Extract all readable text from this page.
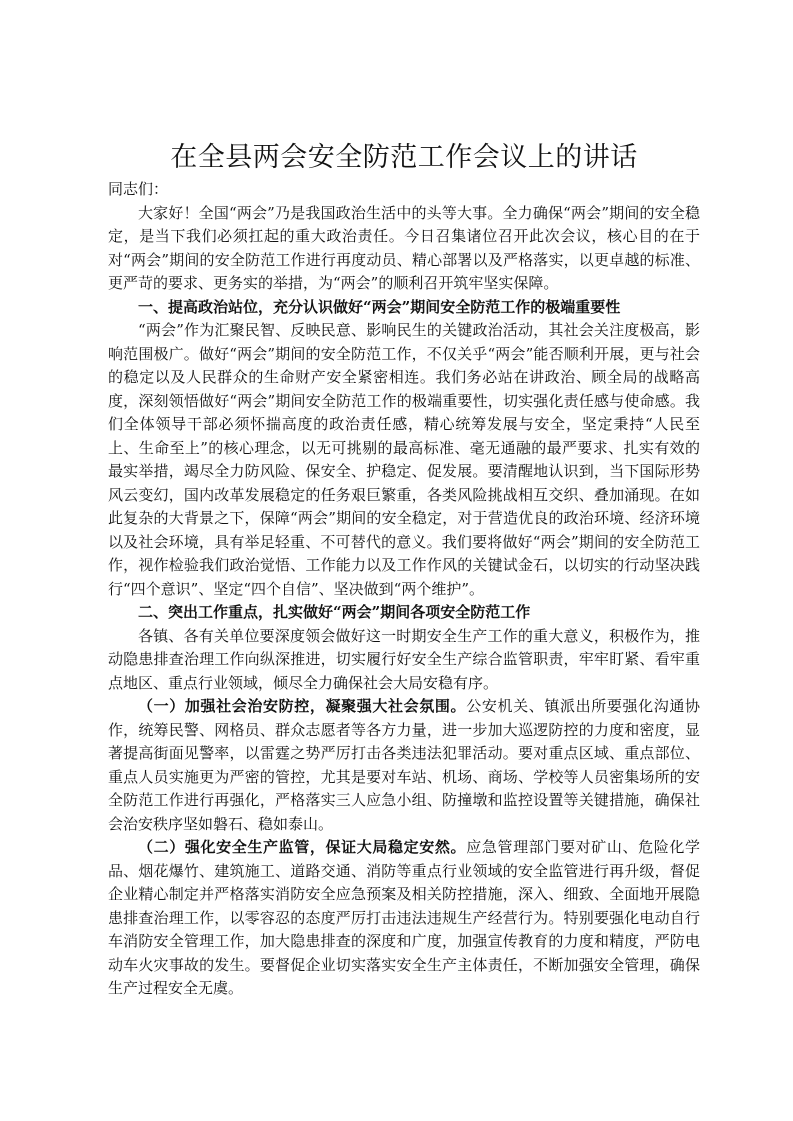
在全县两会安全防范工作会议上的讲话

同志们：

大家好！全国“两会”乃是我国政治生活中的头等大事。全力确保“两会”期间的安全稳定，是当下我们必须扛起的重大政治责任。今日召集诸位召开此次会议，核心目的在于对“两会”期间的安全防范工作进行再度动员、精心部署以及严格落实，以更卓越的标准、更严苛的要求、更务实的举措，为“两会”的顺利召开筑牢坚实保障。

一、提高政治站位，充分认识做好“两会”期间安全防范工作的极端重要性

“两会”作为汇聚民智、反映民意、影响民生的关键政治活动，其社会关注度极高，影响范围极广。做好“两会”期间的安全防范工作，不仅关乎“两会”能否顺利开展，更与社会的稳定以及人民群众的生命财产安全紧密相连。我们务必站在讲政治、顾全局的战略高度，深刻领悟做好“两会”期间安全防范工作的极端重要性，切实强化责任感与使命感。我们全体领导干部必须怀揣高度的政治责任感，精心统筹发展与安全，坚定秉持“人民至上、生命至上”的核心理念，以无可挑剔的最高标准、毫无通融的最严要求、扎实有效的最实举措，竭尽全力防风险、保安全、护稳定、促发展。要清醒地认识到，当下国际形势风云变幻，国内改革发展稳定的任务艰巨繁重，各类风险挑战相互交织、叠加涌现。在如此复杂的大背景之下，保障“两会”期间的安全稳定，对于营造优良的政治环境、经济环境以及社会环境，具有举足轻重、不可替代的意义。我们要将做好“两会”期间的安全防范工作，视作检验我们政治觉悟、工作能力以及工作作风的关键试金石，以切实的行动坚决践行“四个意识”、坚定“四个自信”、坚决做到“两个维护”。

二、突出工作重点，扎实做好“两会”期间各项安全防范工作

各镇、各有关单位要深度领会做好这一时期安全生产工作的重大意义，积极作为，推动隐患排查治理工作向纵深推进，切实履行好安全生产综合监管职责，牢牢盯紧、看牢重点地区、重点行业领域，倾尽全力确保社会大局安稳有序。

（一）加强社会治安防控，凝聚强大社会氛围。公安机关、镇派出所要强化沟通协作，统筹民警、网格员、群众志愿者等各方力量，进一步加大巡逻防控的力度和密度，显著提高街面见警率，以雷霆之势严厉打击各类违法犯罪活动。要对重点区域、重点部位、重点人员实施更为严密的管控，尤其是要对车站、机场、商场、学校等人员密集场所的安全防范工作进行再强化，严格落实三人应急小组、防撞墩和监控设置等关键措施，确保社会治安秩序坚如磐石、稳如泰山。

（二）强化安全生产监管，保证大局稳定安然。应急管理部门要对矿山、危险化学品、烟花爆竹、建筑施工、道路交通、消防等重点行业领域的安全监管进行再升级，督促企业精心制定并严格落实消防安全应急预案及相关防控措施，深入、细致、全面地开展隐患排查治理工作，以零容忍的态度严厉打击违法违规生产经营行为。特别要强化电动自行车消防安全管理工作，加大隐患排查的深度和广度，加强宣传教育的力度和精度，严防电动车火灾事故的发生。要督促企业切实落实安全生产主体责任，不断加强安全管理，确保生产过程安全无虞。
